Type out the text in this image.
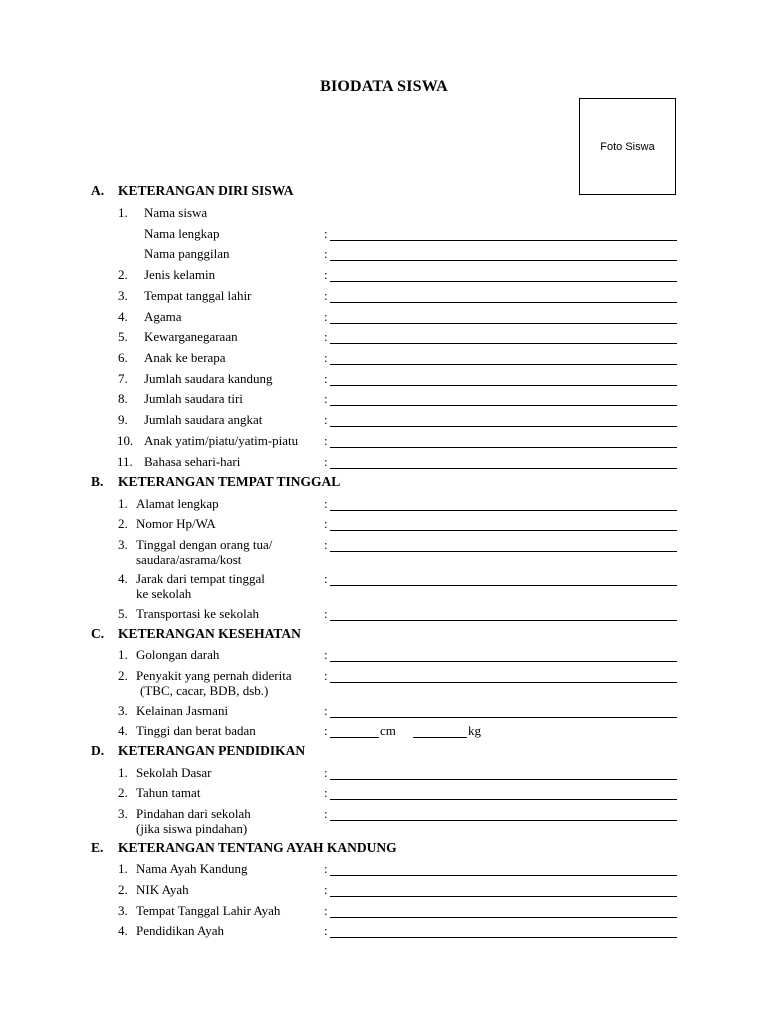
BIODATA SISWA
Foto Siswa
A. KETERANGAN DIRI SISWA
1. Nama siswa
Nama lengkap	:
Nama panggilan	:
2. Jenis kelamin	:
3. Tempat tanggal lahir	:
4. Agama	:
5. Kewarganegaraan	:
6. Anak ke berapa	:
7. Jumlah saudara kandung	:
8. Jumlah saudara tiri	:
9. Jumlah saudara angkat	:
10. Anak yatim/piatu/yatim-piatu :
11. Bahasa sehari-hari	:
B. KETERANGAN TEMPAT TINGGAL
1. Alamat lengkap	:
2. Nomor Hp/WA	:
3. Tinggal dengan orang tua/
saudara/asrama/kost
:
4. Jarak dari tempat tinggal
ke sekolah
:
5. Transportasi ke sekolah	:
C. KETERANGAN KESEHATAN
1. Golongan darah	:
2. Penyakit yang pernah diderita
(TBC, cacar, BDB, dsb.)
:
3. Kelainan Jasmani	:
4. Tinggi dan berat badan	:	cm	kg
D. KETERANGAN PENDIDIKAN
1. Sekolah Dasar	:
2. Tahun tamat	:
3. Pindahan dari sekolah
(jika siswa pindahan)
:
E. KETERANGAN TENTANG AYAH KANDUNG
1. Nama Ayah Kandung	:
2. NIK Ayah	:
3. Tempat Tanggal Lahir Ayah	:
4. Pendidikan Ayah	:
